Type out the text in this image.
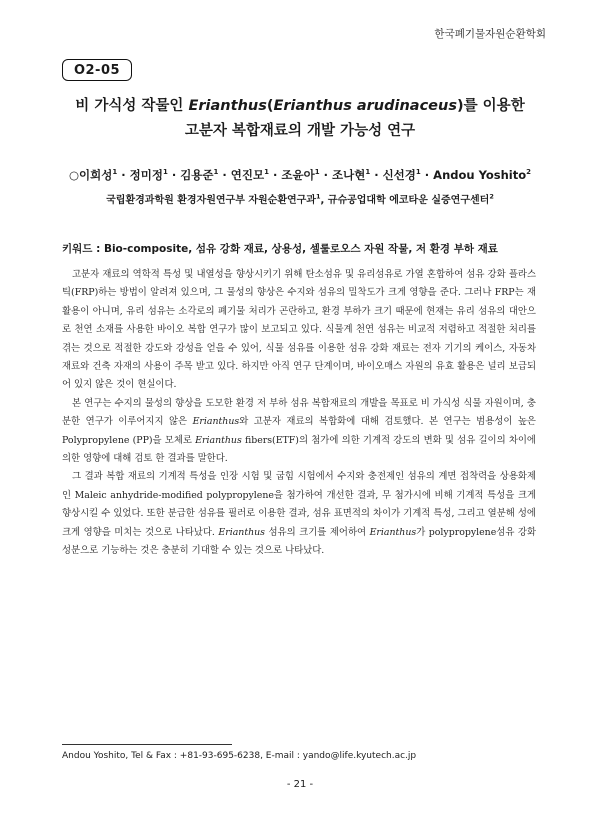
한국폐기물자원순환학회
O2-05
비 가식성 작물인 Erianthus(Erianthus arudinaceus)를 이용한
고분자 복합재료의 개발 가능성 연구
○이희성$^1$ · 정미정$^1$ · 김용준$^1$ · 연진모$^1$ · 조윤아$^1$ · 조나현$^1$ · 신선경$^1$ · Andou Yoshito$^2$
국립환경과학원 환경자원연구부 자원순환연구과$^1$, 규슈공업대학 에코타운 실증연구센터$^2$
키워드 : Bio-composite, 섬유 강화 재료, 상용성, 셀룰로오스 자원 작물, 저 환경 부하 재료

고분자 재료의 역학적 특성 및 내열성을 향상시키기 위해 탄소섬유 및 유리섬유로 가열 혼합하여 섬유 강화 플라스틱(FRP)하는 방법이 알려져 있으며, 그 물성의 향상은 수지와 섬유의 밀착도가 크게 영향을 준다. 그러나 FRP는 재활용이 아니며, 유리 섬유는 소각로의 폐기물 처리가 곤란하고, 환경 부하가 크기 때문에 현재는 유리 섬유의 대안으로 천연 소재를 사용한 바이오 복합 연구가 많이 보고되고 있다. 식물계 천연 섬유는 비교적 저렴하고 적절한 처리를 겪는 것으로 적절한 강도와 강성을 얻을 수 있어, 식물 섬유를 이용한 섬유 강화 재료는 전자 기기의 케이스, 자동차 재료와 건축 자재의 사용이 주목 받고 있다. 하지만 아직 연구 단계이며, 바이오매스 자원의 유효 활용은 널리 보급되어 있지 않은 것이 현실이다.

본 연구는 수지의 물성의 향상을 도모한 환경 저 부하 섬유 복합재료의 개발을 목표로 비 가식성 식물 자원이며, 충분한 연구가 이루어지지 않은 Erianthus와 고분자 재료의 복합화에 대해 검토했다. 본 연구는 범용성이 높은 Polypropylene (PP)을 모체로 Erianthus fibers(ETF)의 첨가에 의한 기계적 강도의 변화 및 섬유 길이의 차이에 의한 영향에 대해 검토 한 결과를 말한다.

그 결과 복합 재료의 기계적 특성을 인장 시험 및 굽힘 시험에서 수지와 충전제인 섬유의 계면 접착력을 상용화제인 Maleic anhydride-modified polypropylene을 첨가하여 개선한 결과, 무 첨가시에 비해 기계적 특성을 크게 향상시킬 수 있었다. 또한 분급한 섬유를 필러로 이용한 결과, 섬유 표면적의 차이가 기계적 특성, 그리고 열분해 성에 크게 영향을 미치는 것으로 나타났다. Erianthus 섬유의 크기를 제어하여 Erianthus가 polypropylene섬유 강화 성분으로 기능하는 것은 충분히 기대할 수 있는 것으로 나타났다.

Andou Yoshito, Tel & Fax : +81-93-695-6238, E-mail : yando@life.kyutech.ac.jp
- 21 -
